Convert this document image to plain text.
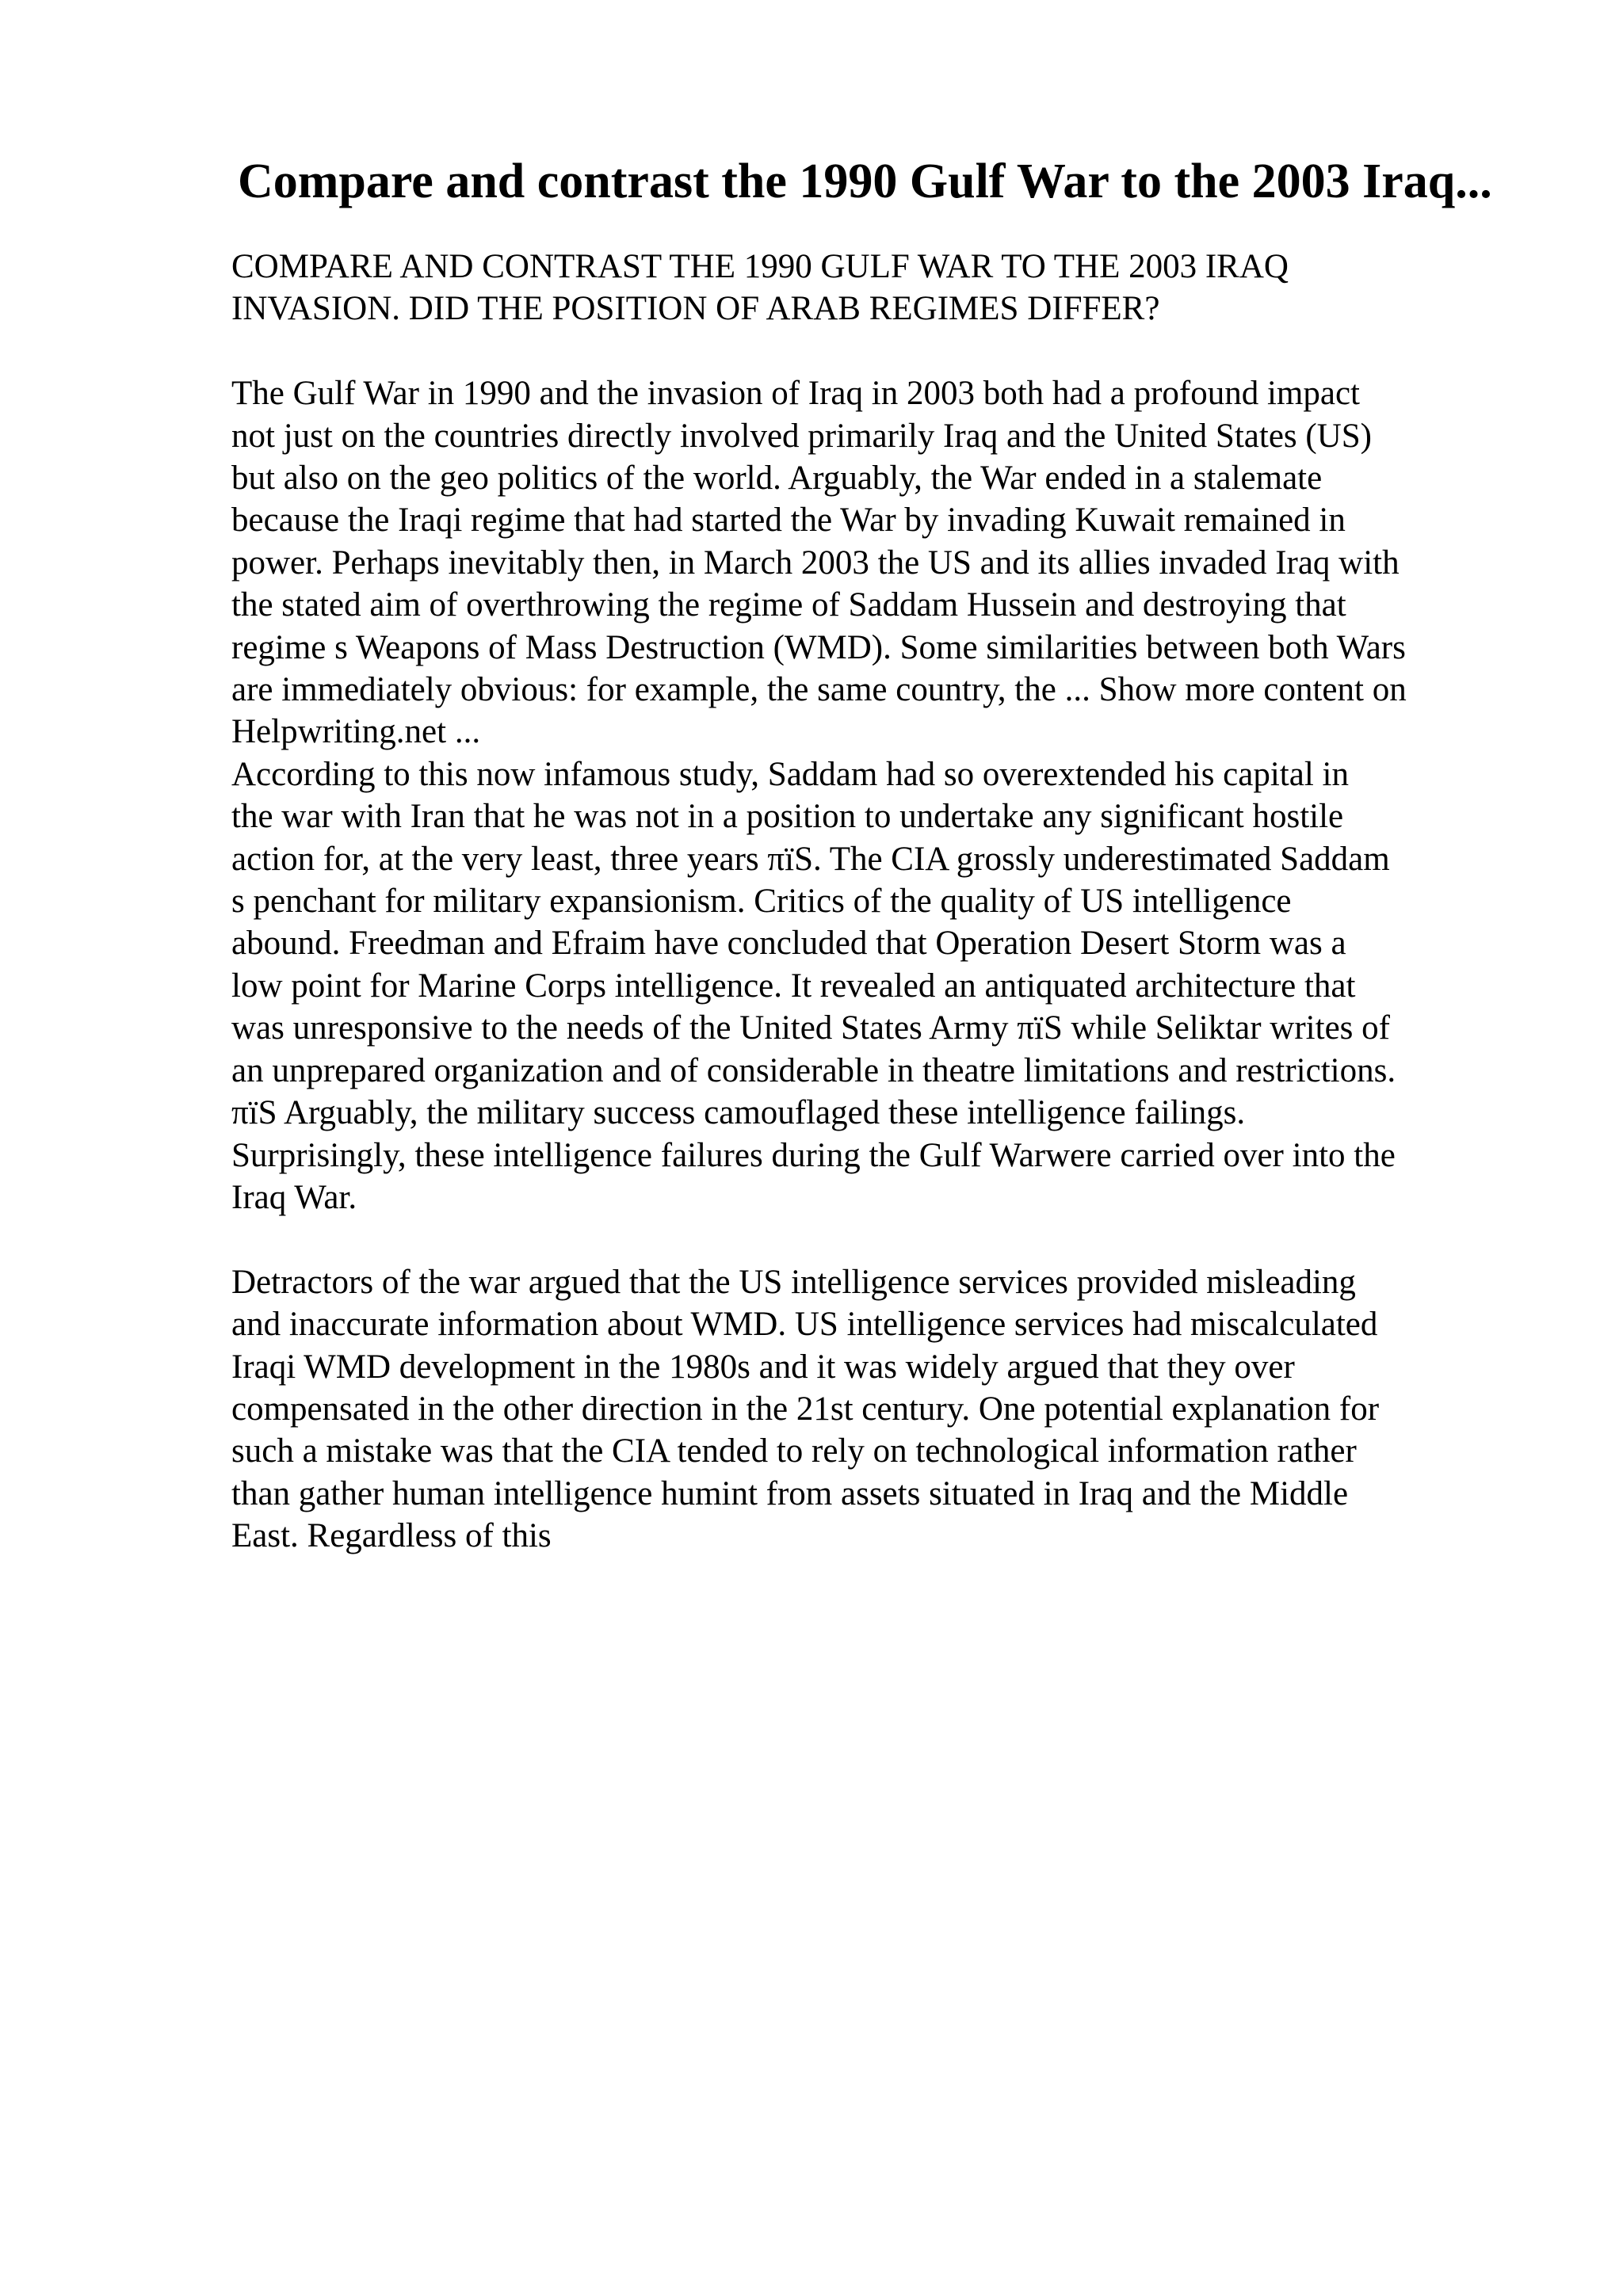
Compare and contrast the 1990 Gulf War to the 2003 Iraq...

COMPARE AND CONTRAST THE 1990 GULF WAR TO THE 2003 IRAQ
INVASION. DID THE POSITION OF ARAB REGIMES DIFFER?

The Gulf War in 1990 and the invasion of Iraq in 2003 both had a profound impact
not just on the countries directly involved primarily Iraq and the United States (US)
but also on the geo politics of the world. Arguably, the War ended in a stalemate
because the Iraqi regime that had started the War by invading Kuwait remained in
power. Perhaps inevitably then, in March 2003 the US and its allies invaded Iraq with
the stated aim of overthrowing the regime of Saddam Hussein and destroying that
regime s Weapons of Mass Destruction (WMD). Some similarities between both Wars
are immediately obvious: for example, the same country, the ... Show more content on
Helpwriting.net ...

According to this now infamous study, Saddam had so overextended his capital in
the war with Iran that he was not in a position to undertake any significant hostile
action for, at the very least, three years πïS. The CIA grossly underestimated Saddam
s penchant for military expansionism. Critics of the quality of US intelligence
abound. Freedman and Efraim have concluded that Operation Desert Storm was a
low point for Marine Corps intelligence. It revealed an antiquated architecture that
was unresponsive to the needs of the United States Army πïS while Seliktar writes of
an unprepared organization and of considerable in theatre limitations and restrictions.
πïS Arguably, the military success camouflaged these intelligence failings.
Surprisingly, these intelligence failures during the Gulf Warwere carried over into the
Iraq War.

Detractors of the war argued that the US intelligence services provided misleading
and inaccurate information about WMD. US intelligence services had miscalculated
Iraqi WMD development in the 1980s and it was widely argued that they over
compensated in the other direction in the 21st century. One potential explanation for
such a mistake was that the CIA tended to rely on technological information rather
than gather human intelligence humint from assets situated in Iraq and the Middle
East. Regardless of this
